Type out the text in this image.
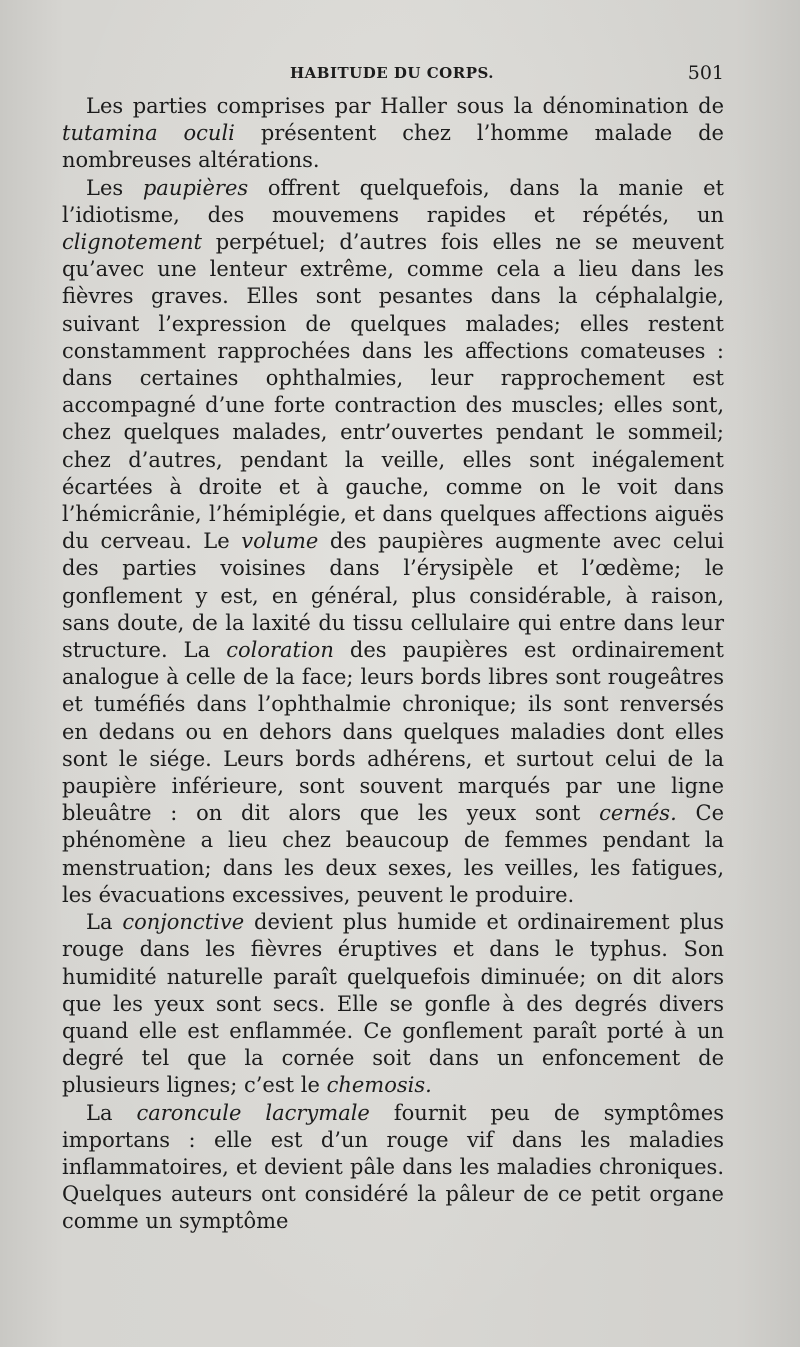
HABITUDE DU CORPS.	501

Les parties comprises par Haller sous la dénomination de tutamina oculi présentent chez l’homme malade de nombreuses altérations.

Les paupières offrent quelquefois, dans la manie et l’idiotisme, des mouvemens rapides et répétés, un clignotement perpétuel; d’autres fois elles ne se meuvent qu’avec une lenteur extrême, comme cela a lieu dans les fièvres graves. Elles sont pesantes dans la céphalalgie, suivant l’expression de quelques malades; elles restent constamment rapprochées dans les affections comateuses : dans certaines ophthalmies, leur rapprochement est accompagné d’une forte contraction des muscles; elles sont, chez quelques malades, entr’ouvertes pendant le sommeil; chez d’autres, pendant la veille, elles sont inégalement écartées à droite et à gauche, comme on le voit dans l’hémicrânie, l’hémiplégie, et dans quelques affections aiguës du cerveau. Le volume des paupières augmente avec celui des parties voisines dans l’érysipèle et l’œdème; le gonflement y est, en général, plus considérable, à raison, sans doute, de la laxité du tissu cellulaire qui entre dans leur structure. La coloration des paupières est ordinairement analogue à celle de la face; leurs bords libres sont rougeâtres et tuméfiés dans l’ophthalmie chronique; ils sont renversés en dedans ou en dehors dans quelques maladies dont elles sont le siége. Leurs bords adhérens, et surtout celui de la paupière inférieure, sont souvent marqués par une ligne bleuâtre : on dit alors que les yeux sont cernés. Ce phénomène a lieu chez beaucoup de femmes pendant la menstruation; dans les deux sexes, les veilles, les fatigues, les évacuations excessives, peuvent le produire.

La conjonctive devient plus humide et ordinairement plus rouge dans les fièvres éruptives et dans le typhus. Son humidité naturelle paraît quelquefois diminuée; on dit alors que les yeux sont secs. Elle se gonfle à des degrés divers quand elle est enflammée. Ce gonflement paraît porté à un degré tel que la cornée soit dans un enfoncement de plusieurs lignes; c’est le chemosis.

La caroncule lacrymale fournit peu de symptômes importans : elle est d’un rouge vif dans les maladies inflammatoires, et devient pâle dans les maladies chroniques. Quelques auteurs ont considéré la pâleur de ce petit organe comme un symptôme
